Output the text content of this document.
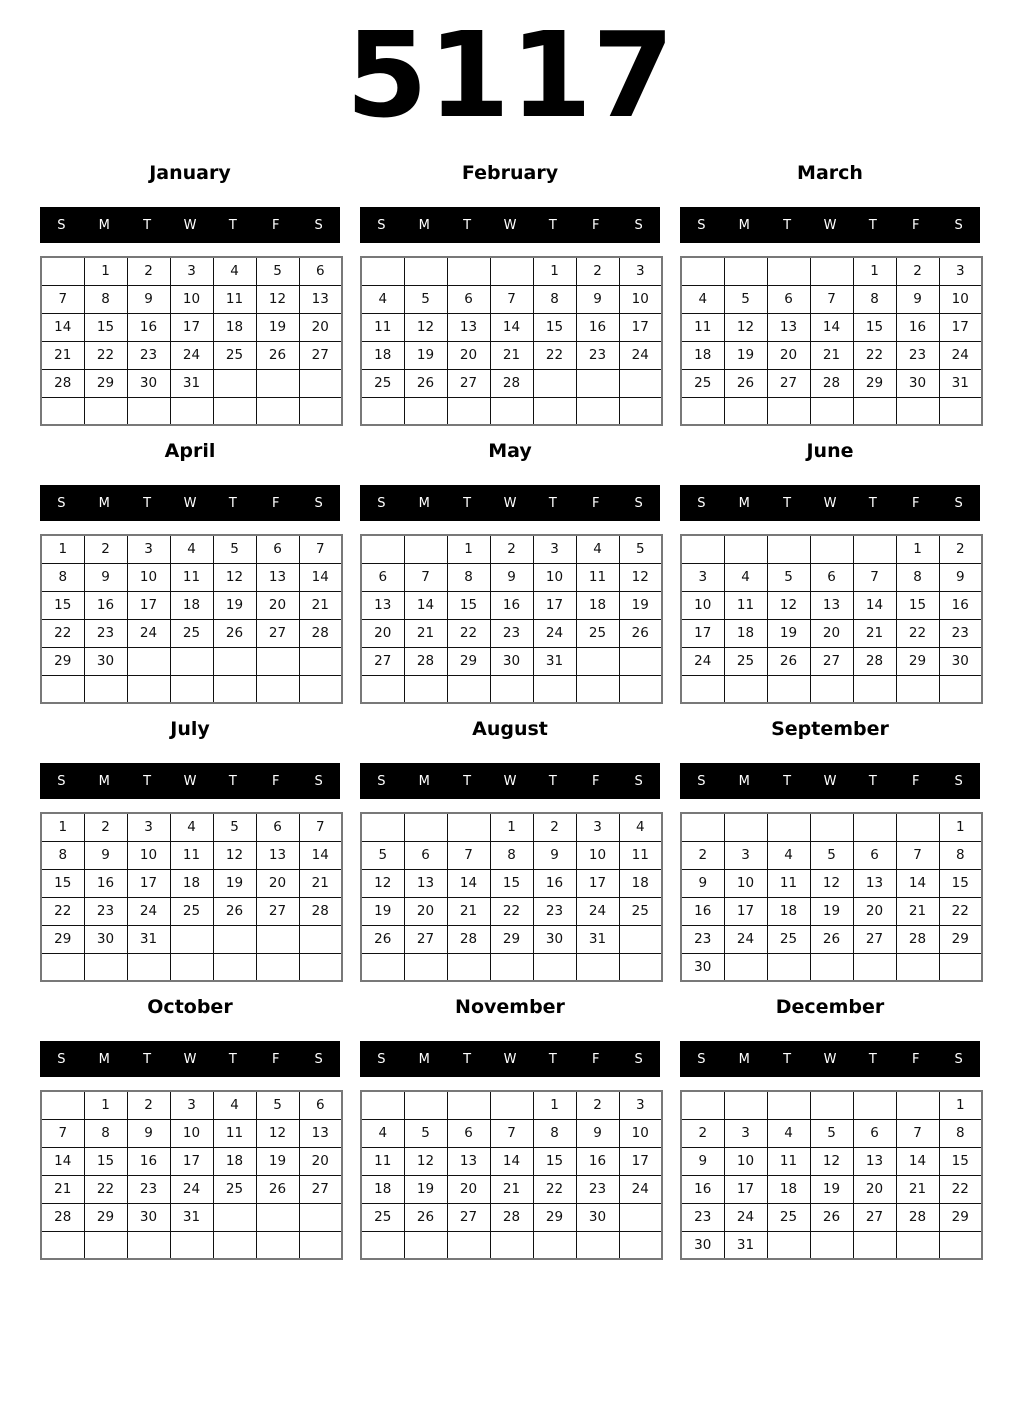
5117
January
S	M	T	W	T	F	S
	1	2	3	4	5	6
7	8	9	10	11	12	13
14	15	16	17	18	19	20
21	22	23	24	25	26	27
28	29	30	31			

February
S	M	T	W	T	F	S
				1	2	3
4	5	6	7	8	9	10
11	12	13	14	15	16	17
18	19	20	21	22	23	24
25	26	27	28			

March
S	M	T	W	T	F	S
				1	2	3
4	5	6	7	8	9	10
11	12	13	14	15	16	17
18	19	20	21	22	23	24
25	26	27	28	29	30	31

April
S	M	T	W	T	F	S
1	2	3	4	5	6	7
8	9	10	11	12	13	14
15	16	17	18	19	20	21
22	23	24	25	26	27	28
29	30					

May
S	M	T	W	T	F	S
		1	2	3	4	5
6	7	8	9	10	11	12
13	14	15	16	17	18	19
20	21	22	23	24	25	26
27	28	29	30	31		

June
S	M	T	W	T	F	S
					1	2
3	4	5	6	7	8	9
10	11	12	13	14	15	16
17	18	19	20	21	22	23
24	25	26	27	28	29	30

July
S	M	T	W	T	F	S
1	2	3	4	5	6	7
8	9	10	11	12	13	14
15	16	17	18	19	20	21
22	23	24	25	26	27	28
29	30	31				

August
S	M	T	W	T	F	S
			1	2	3	4
5	6	7	8	9	10	11
12	13	14	15	16	17	18
19	20	21	22	23	24	25
26	27	28	29	30	31	

September
S	M	T	W	T	F	S
						1
2	3	4	5	6	7	8
9	10	11	12	13	14	15
16	17	18	19	20	21	22
23	24	25	26	27	28	29
30						
October
S	M	T	W	T	F	S
	1	2	3	4	5	6
7	8	9	10	11	12	13
14	15	16	17	18	19	20
21	22	23	24	25	26	27
28	29	30	31			

November
S	M	T	W	T	F	S
				1	2	3
4	5	6	7	8	9	10
11	12	13	14	15	16	17
18	19	20	21	22	23	24
25	26	27	28	29	30	

December
S	M	T	W	T	F	S
						1
2	3	4	5	6	7	8
9	10	11	12	13	14	15
16	17	18	19	20	21	22
23	24	25	26	27	28	29
30	31					
